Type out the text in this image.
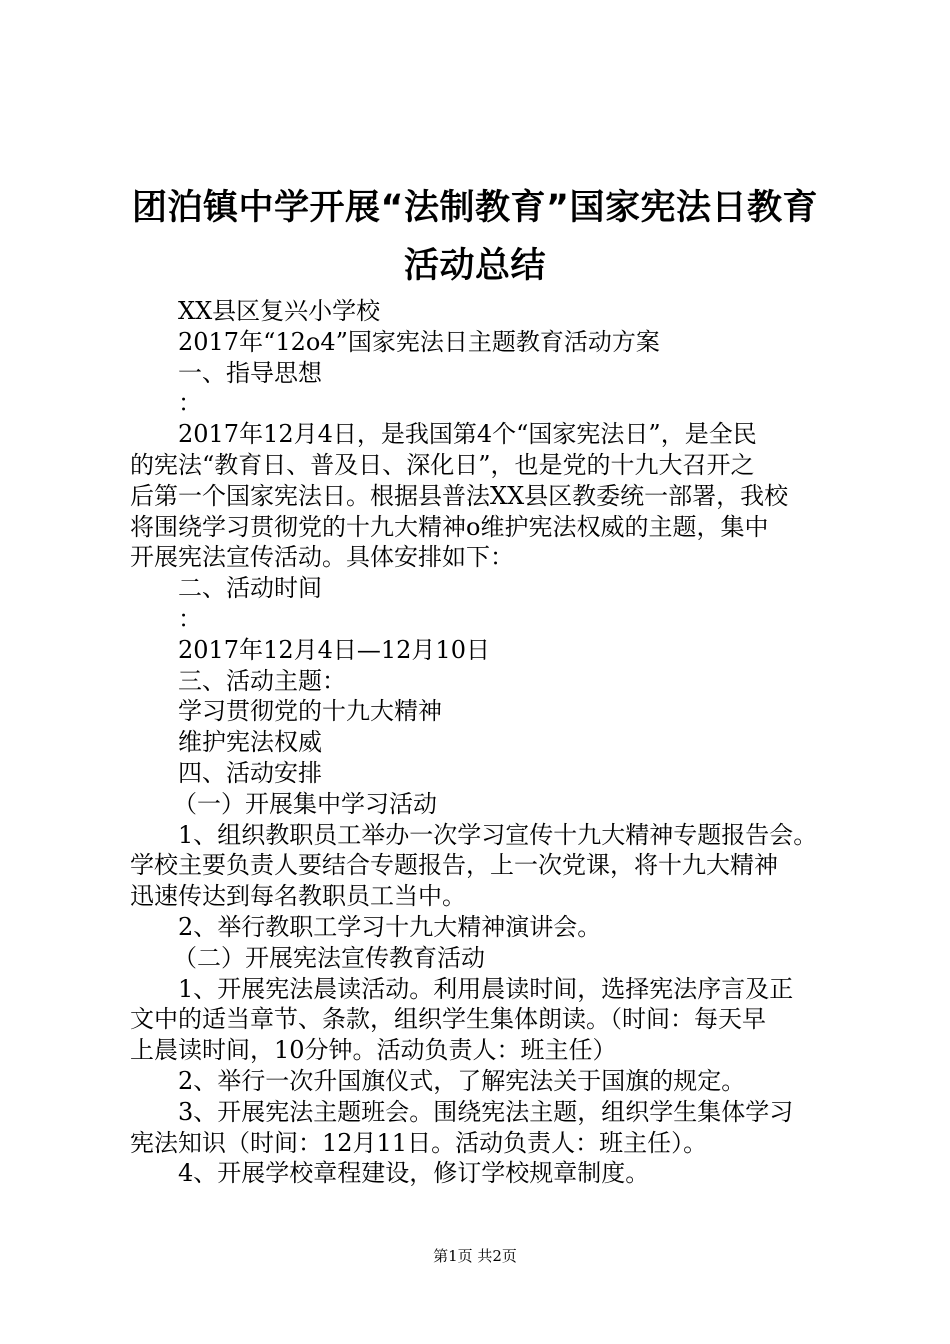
团泊镇中学开展“法制教育”国家宪法日教育
活动总结
XX县区复兴小学校
2017年“12o4”国家宪法日主题教育活动方案
一、指导思想
：
2017年12月4日，是我国第4个“国家宪法日”，是全民
的宪法“教育日、普及日、深化日”，也是党的十九大召开之
后第一个国家宪法日。根据县普法XX县区教委统一部署，我校
将围绕学习贯彻党的十九大精神o维护宪法权威的主题，集中
开展宪法宣传活动。具体安排如下：
二、活动时间
：
2017年12月4日—12月10日
三、活动主题：
学习贯彻党的十九大精神
维护宪法权威
四、活动安排
（一）开展集中学习活动
1、组织教职员工举办一次学习宣传十九大精神专题报告会。
学校主要负责人要结合专题报告，上一次党课，将十九大精神
迅速传达到每名教职员工当中。
2、举行教职工学习十九大精神演讲会。
（二）开展宪法宣传教育活动
1、开展宪法晨读活动。利用晨读时间，选择宪法序言及正
文中的适当章节、条款，组织学生集体朗读。（时间：每天早
上晨读时间，10分钟。活动负责人：班主任）
2、举行一次升国旗仪式，了解宪法关于国旗的规定。
3、开展宪法主题班会。围绕宪法主题，组织学生集体学习
宪法知识（时间：12月11日。活动负责人：班主任）。
4、开展学校章程建设，修订学校规章制度。
第1页 共2页
